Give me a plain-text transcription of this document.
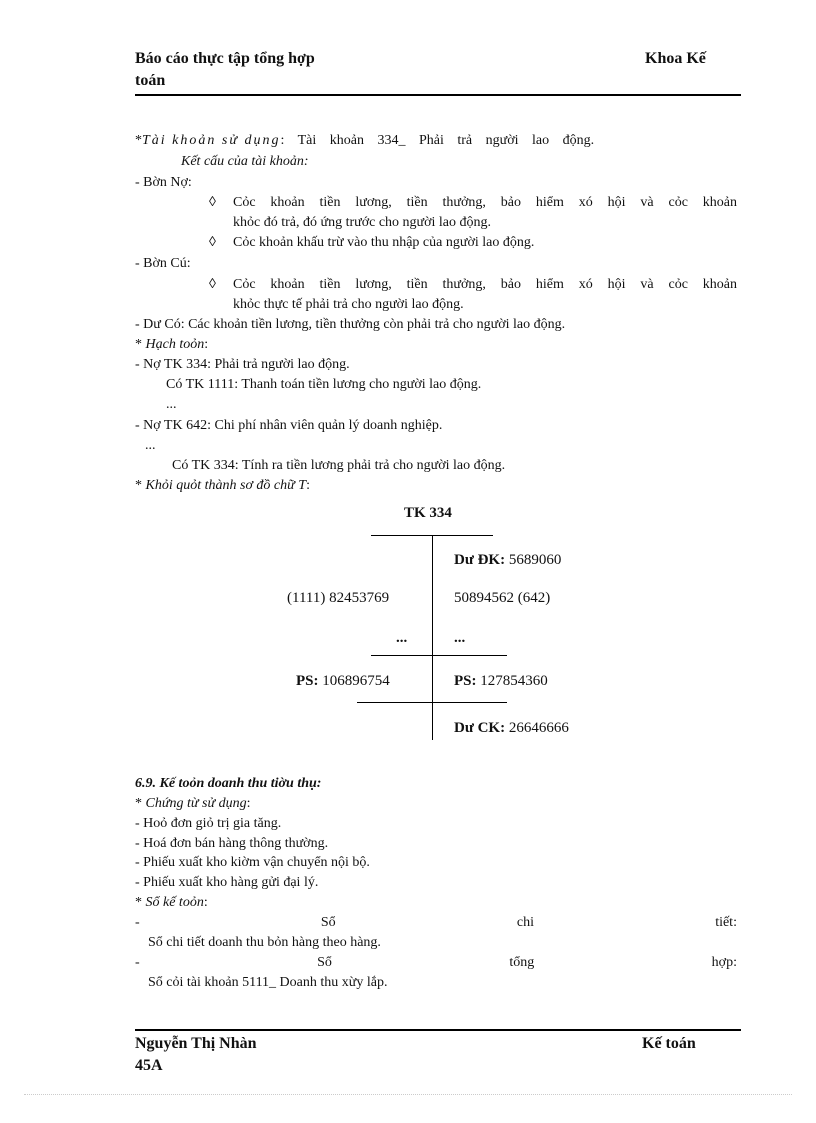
Báo cáo thực tập tổng hợp
toán
Khoa Kế
* Tài khoản sử dụng : Tài khoản 334_ Phải trả người lao động.
Kết cấu của tài khoản:
- Bờn Nợ:
◊ Cỏc khoản tiền lương, tiền thưởng, bảo hiểm xó hội và cỏc khoản
khỏc đó trả, đó ứng trước cho người lao động.
◊ Cỏc khoản khấu trừ vào thu nhập của người lao động.
- Bờn Cú:
◊ Cỏc khoản tiền lương, tiền thưởng, bảo hiểm xó hội và cỏc khoản
khỏc thực tế phải trả cho người lao động.
- Dư Có: Các khoản tiền lương, tiền thưởng còn phải trả cho người lao động.
* Hạch toỏn:
- Nợ TK 334: Phải trả người lao động.
Có TK 1111: Thanh toán tiền lương cho người lao động.
...
- Nợ TK 642: Chi phí nhân viên quản lý doanh nghiệp.
...
Có TK 334: Tính ra tiền lương phải trả cho người lao động.
* Khỏi quỏt thành sơ đồ chữ T:
TK 334
Dư ĐK: 5689060
(1111) 82453769	50894562 (642)
...	...
PS: 106896754	PS: 127854360
Dư CK: 26646666
6.9. Kế toỏn doanh thu tiờu thụ:
* Chứng từ sử dụng:
- Hoỏ đơn giỏ trị gia tăng.
- Hoá đơn bán hàng thông thường.
- Phiếu xuất kho kiờm vận chuyển nội bộ.
- Phiếu xuất kho hàng gửi đại lý.
* Sổ kế toỏn:
-	Sổ	chi	tiết:
Sổ chi tiết doanh thu bỏn hàng theo hàng.
-	Sổ	tổng	hợp:
Sổ cỏi tài khoản 5111_ Doanh thu xừy lắp.
Nguyễn Thị Nhàn
45A
Kế toán
